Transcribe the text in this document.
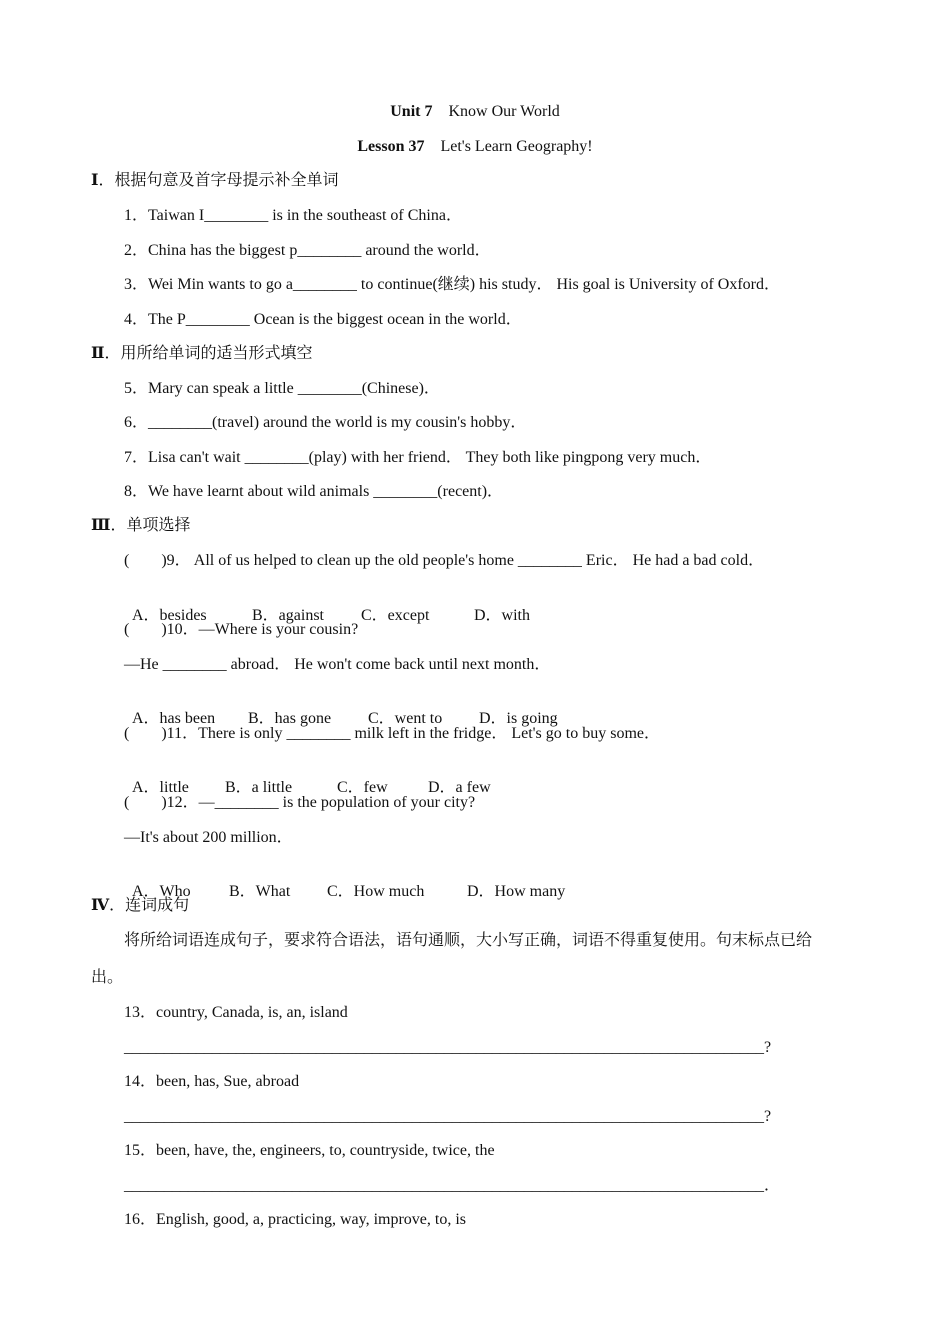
Unit 7 Know Our World
Lesson 37 Let's Learn Geography!
Ⅰ．根据句意及首字母提示补全单词
1．Taiwan I________ is in the southeast of China．
2．China has the biggest p________ around the world．
3．Wei Min wants to go a________ to continue(继续) his study． His goal is University of Oxford．
4．The P________ Ocean is the biggest ocean in the world．
Ⅱ．用所给单词的适当形式填空
5．Mary can speak a little ________(Chinese)．
6．________(travel) around the world is my cousin's hobby．
7．Lisa can't wait ________(play) with her friend． They both like pingpong very much．
8．We have learnt about wild animals ________(recent)．
Ⅲ．单项选择
(　　)9． All of us helped to clean up the old people's home ________ Eric． He had a bad cold．

A．besides	B．against C．except	D．with

(　　)10．—Where is your cousin?
—He ________ abroad． He won't come back until next month．

A．has been B．has gone C．went to D．is going

(　　)11．There is only ________ milk left in the fridge． Let's go to buy some．

A．little B．a little	C．few	D．a few

(　　)12．—________ is the population of your city?
—It's about 200 million．

A．Who B．What C．How much	D．How many

Ⅳ．连词成句
将所给词语连成句子，要求符合语法，语句通顺，大小写正确，词语不得重复使用。句末标点已给
出。
13．country, Canada, is, an, island
________________________________________________________________________________?
14．been, has, Sue, abroad
________________________________________________________________________________?
15．been, have, the, engineers, to, countryside, twice, the
________________________________________________________________________________．
16．English, good, a, practicing, way, improve, to, is
